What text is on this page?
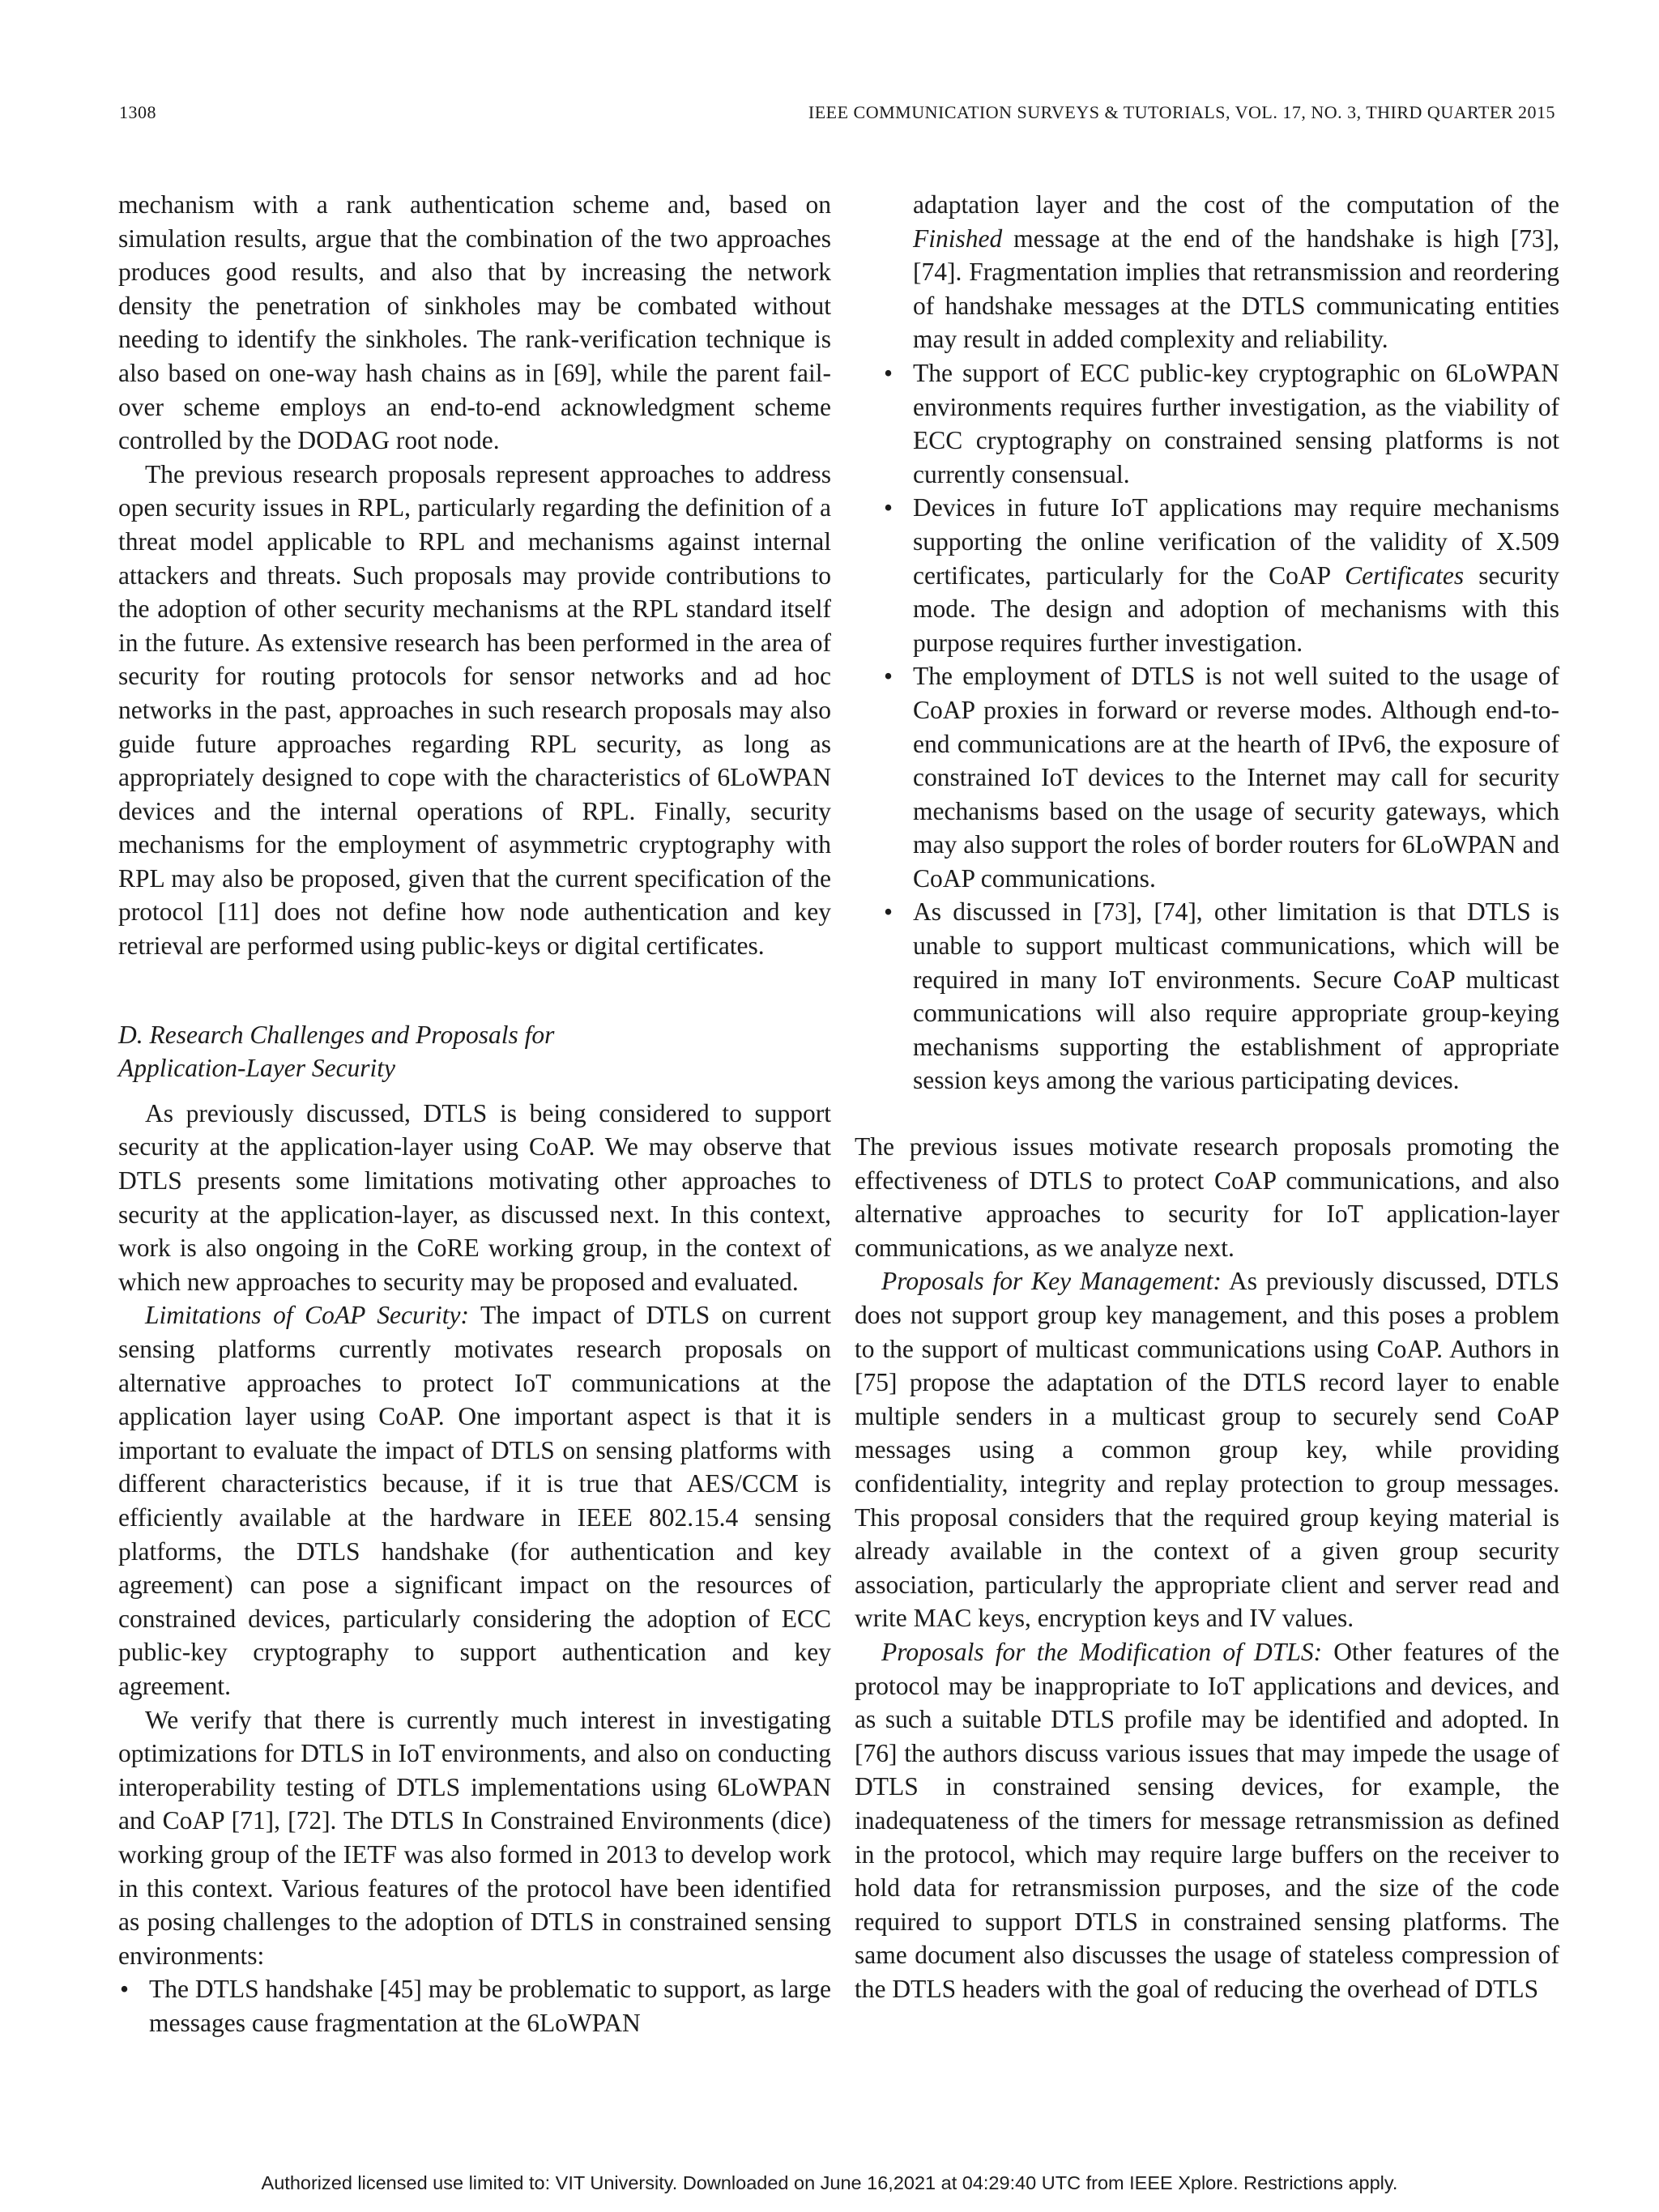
1308	IEEE COMMUNICATION SURVEYS & TUTORIALS, VOL. 17, NO. 3, THIRD QUARTER 2015

mechanism with a rank authentication scheme and, based on simulation results, argue that the combination of the two approaches produces good results, and also that by increasing the network density the penetration of sinkholes may be combated without needing to identify the sinkholes. The rank-verification technique is also based on one-way hash chains as in [69], while the parent fail-over scheme employs an end-to-end acknowledgment scheme controlled by the DODAG root node.

The previous research proposals represent approaches to address open security issues in RPL, particularly regarding the definition of a threat model applicable to RPL and mechanisms against internal attackers and threats. Such proposals may provide contributions to the adoption of other security mechanisms at the RPL standard itself in the future. As extensive research has been performed in the area of security for routing protocols for sensor networks and ad hoc networks in the past, approaches in such research proposals may also guide future approaches regarding RPL security, as long as appropriately designed to cope with the characteristics of 6LoWPAN devices and the internal operations of RPL. Finally, security mechanisms for the employment of asymmetric cryptography with RPL may also be proposed, given that the current specification of the protocol [11] does not define how node authentication and key retrieval are performed using public-keys or digital certificates.

D. Research Challenges and Proposals for
Application-Layer Security

As previously discussed, DTLS is being considered to support security at the application-layer using CoAP. We may observe that DTLS presents some limitations motivating other approaches to security at the application-layer, as discussed next. In this context, work is also ongoing in the CoRE working group, in the context of which new approaches to security may be proposed and evaluated.

Limitations of CoAP Security: The impact of DTLS on current sensing platforms currently motivates research proposals on alternative approaches to protect IoT communications at the application layer using CoAP. One important aspect is that it is important to evaluate the impact of DTLS on sensing platforms with different characteristics because, if it is true that AES/CCM is efficiently available at the hardware in IEEE 802.15.4 sensing platforms, the DTLS handshake (for authentication and key agreement) can pose a significant impact on the resources of constrained devices, particularly considering the adoption of ECC public-key cryptography to support authentication and key agreement.

We verify that there is currently much interest in investigating optimizations for DTLS in IoT environments, and also on conducting interoperability testing of DTLS implementations using 6LoWPAN and CoAP [71], [72]. The DTLS In Constrained Environments (dice) working group of the IETF was also formed in 2013 to develop work in this context. Various features of the protocol have been identified as posing challenges to the adoption of DTLS in constrained sensing environments:

• The DTLS handshake [45] may be problematic to support, as large messages cause fragmentation at the 6LoWPAN
adaptation layer and the cost of the computation of the Finished message at the end of the handshake is high [73], [74]. Fragmentation implies that retransmission and reordering of handshake messages at the DTLS communicating entities may result in added complexity and reliability.
• The support of ECC public-key cryptographic on 6LoWPAN environments requires further investigation, as the viability of ECC cryptography on constrained sensing platforms is not currently consensual.
• Devices in future IoT applications may require mechanisms supporting the online verification of the validity of X.509 certificates, particularly for the CoAP Certificates security mode. The design and adoption of mechanisms with this purpose requires further investigation.
• The employment of DTLS is not well suited to the usage of CoAP proxies in forward or reverse modes. Although end-to-end communications are at the hearth of IPv6, the exposure of constrained IoT devices to the Internet may call for security mechanisms based on the usage of security gateways, which may also support the roles of border routers for 6LoWPAN and CoAP communications.
• As discussed in [73], [74], other limitation is that DTLS is unable to support multicast communications, which will be required in many IoT environments. Secure CoAP multicast communications will also require appropriate group-keying mechanisms supporting the establishment of appropriate session keys among the various participating devices.

The previous issues motivate research proposals promoting the effectiveness of DTLS to protect CoAP communications, and also alternative approaches to security for IoT application-layer communications, as we analyze next.

Proposals for Key Management: As previously discussed, DTLS does not support group key management, and this poses a problem to the support of multicast communications using CoAP. Authors in [75] propose the adaptation of the DTLS record layer to enable multiple senders in a multicast group to securely send CoAP messages using a common group key, while providing confidentiality, integrity and replay protection to group messages. This proposal considers that the required group keying material is already available in the context of a given group security association, particularly the appropriate client and server read and write MAC keys, encryption keys and IV values.

Proposals for the Modification of DTLS: Other features of the protocol may be inappropriate to IoT applications and devices, and as such a suitable DTLS profile may be identified and adopted. In [76] the authors discuss various issues that may impede the usage of DTLS in constrained sensing devices, for example, the inadequateness of the timers for message retransmission as defined in the protocol, which may require large buffers on the receiver to hold data for retransmission purposes, and the size of the code required to support DTLS in constrained sensing platforms. The same document also discusses the usage of stateless compression of the DTLS headers with the goal of reducing the overhead of DTLS

Authorized licensed use limited to: VIT University. Downloaded on June 16,2021 at 04:29:40 UTC from IEEE Xplore. Restrictions apply.
